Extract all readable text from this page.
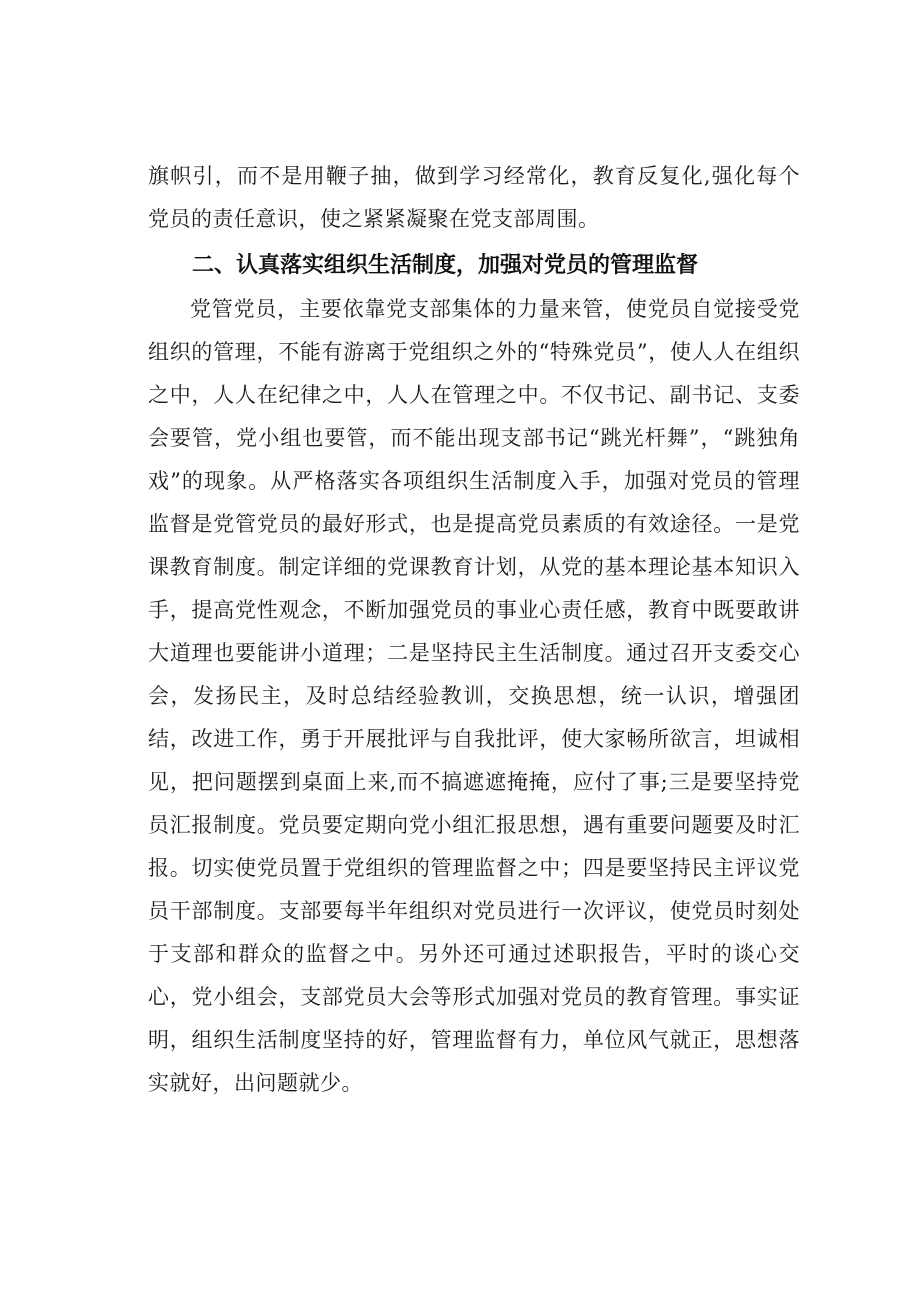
旗帜引，而不是用鞭子抽，做到学习经常化，教育反复化,强化每个党员的责任意识，使之紧紧凝聚在党支部周围。

二、认真落实组织生活制度，加强对党员的管理监督

党管党员，主要依靠党支部集体的力量来管，使党员自觉接受党组织的管理，不能有游离于党组织之外的“特殊党员”，使人人在组织之中，人人在纪律之中，人人在管理之中。不仅书记、副书记、支委会要管，党小组也要管，而不能出现支部书记“跳光杆舞”，“跳独角戏”的现象。从严格落实各项组织生活制度入手，加强对党员的管理监督是党管党员的最好形式，也是提高党员素质的有效途径。一是党课教育制度。制定详细的党课教育计划，从党的基本理论基本知识入手，提高党性观念，不断加强党员的事业心责任感，教育中既要敢讲大道理也要能讲小道理；二是坚持民主生活制度。通过召开支委交心会，发扬民主，及时总结经验教训，交换思想，统一认识，增强团结，改进工作，勇于开展批评与自我批评，使大家畅所欲言，坦诚相见，把问题摆到桌面上来,而不搞遮遮掩掩，应付了事;三是要坚持党员汇报制度。党员要定期向党小组汇报思想，遇有重要问题要及时汇报。切实使党员置于党组织的管理监督之中；四是要坚持民主评议党员干部制度。支部要每半年组织对党员进行一次评议，使党员时刻处于支部和群众的监督之中。另外还可通过述职报告，平时的谈心交心，党小组会，支部党员大会等形式加强对党员的教育管理。事实证明，组织生活制度坚持的好，管理监督有力，单位风气就正，思想落实就好，出问题就少。
